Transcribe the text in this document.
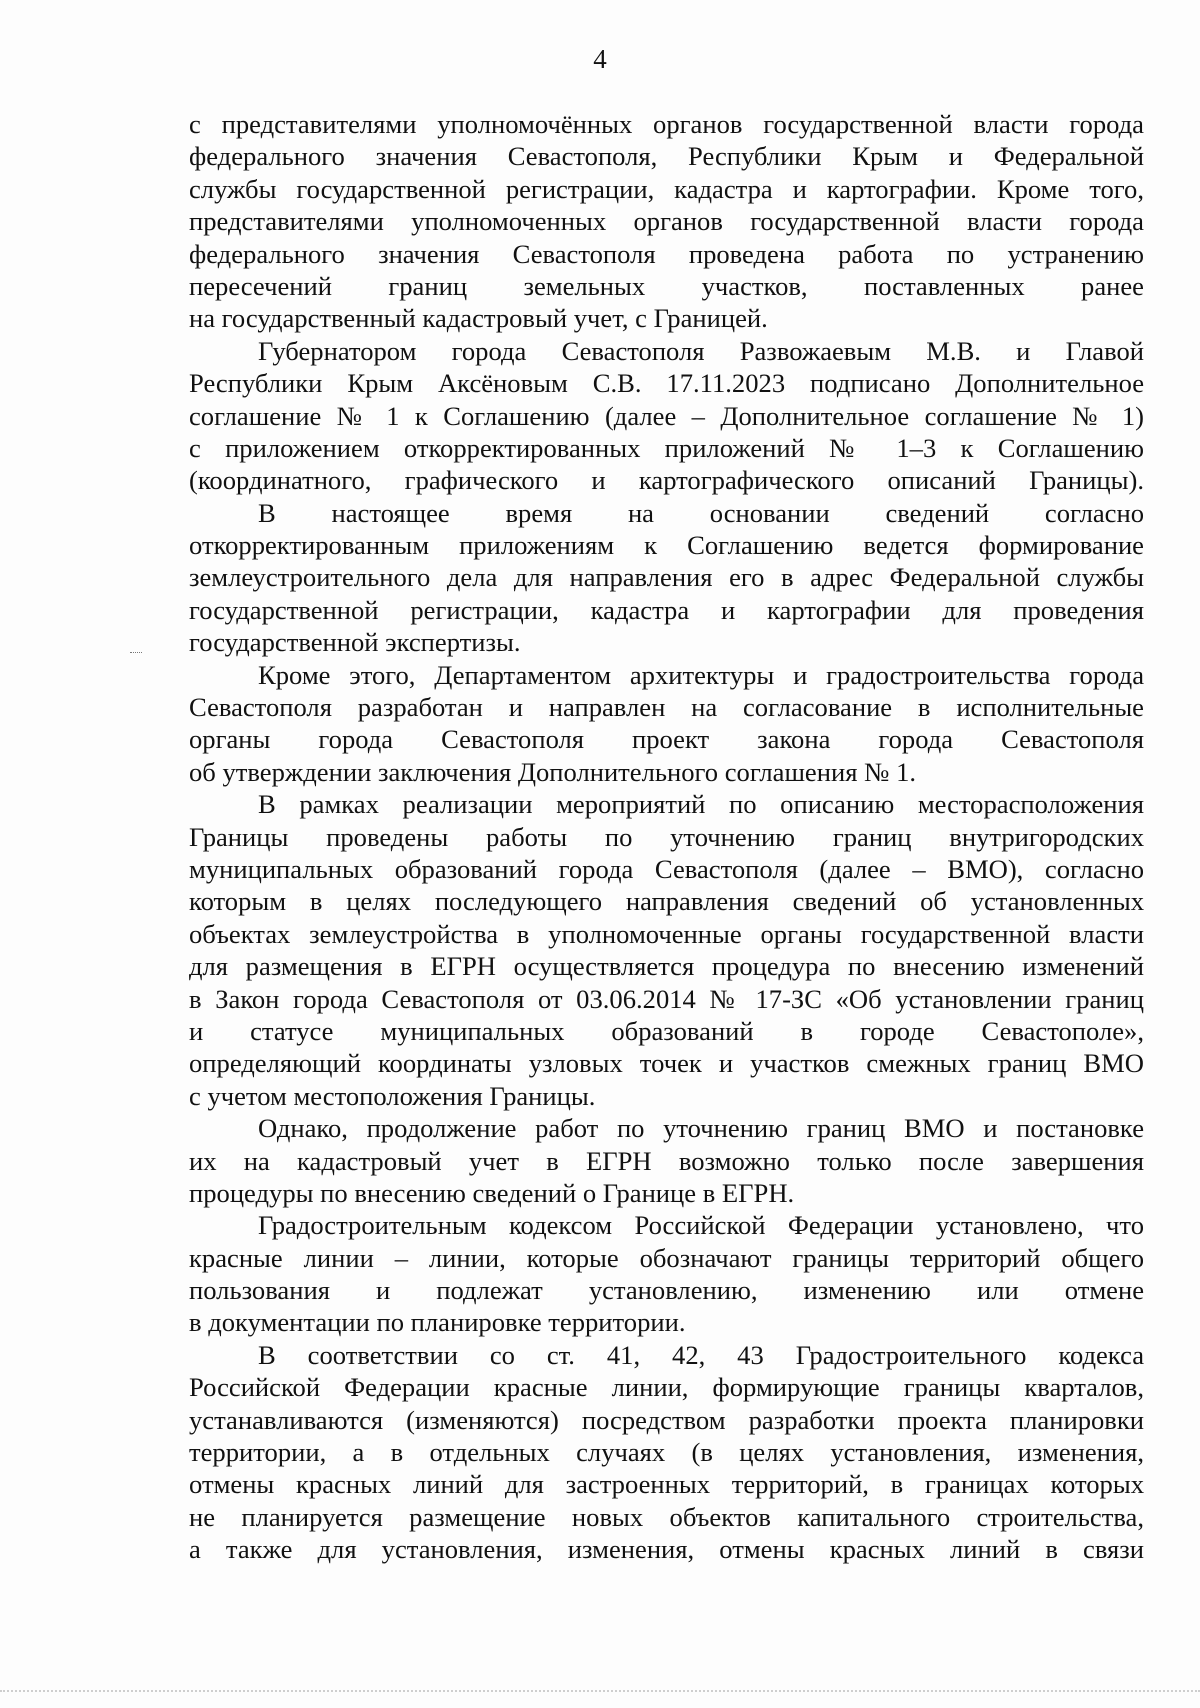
4
с представителями уполномочённых органов государственной власти города
федерального значения Севастополя, Республики Крым и Федеральной
службы государственной регистрации, кадастра и картографии. Кроме того,
представителями уполномоченных органов государственной власти города
федерального значения Севастополя проведена работа по устранению
пересечений границ земельных участков, поставленных ранее
на государственный кадастровый учет, с Границей.
Губернатором города Севастополя Развожаевым М.В. и Главой
Республики Крым Аксёновым С.В. 17.11.2023 подписано Дополнительное
соглашение № 1 к Соглашению (далее – Дополнительное соглашение № 1)
с приложением откорректированных приложений № 1–3 к Соглашению
(координатного, графического и картографического описаний Границы).
В настоящее время на основании сведений согласно
откорректированным приложениям к Соглашению ведется формирование
землеустроительного дела для направления его в адрес Федеральной службы
государственной регистрации, кадастра и картографии для проведения
государственной экспертизы.
Кроме этого, Департаментом архитектуры и градостроительства города
Севастополя разработан и направлен на согласование в исполнительные
органы города Севастополя проект закона города Севастополя
об утверждении заключения Дополнительного соглашения № 1.
В рамках реализации мероприятий по описанию месторасположения
Границы проведены работы по уточнению границ внутригородских
муниципальных образований города Севастополя (далее – ВМО), согласно
которым в целях последующего направления сведений об установленных
объектах землеустройства в уполномоченные органы государственной власти
для размещения в ЕГРН осуществляется процедура по внесению изменений
в Закон города Севастополя от 03.06.2014 № 17-ЗС «Об установлении границ
и статусе муниципальных образований в городе Севастополе»,
определяющий координаты узловых точек и участков смежных границ ВМО
с учетом местоположения Границы.
Однако, продолжение работ по уточнению границ ВМО и постановке
их на кадастровый учет в ЕГРН возможно только после завершения
процедуры по внесению сведений о Границе в ЕГРН.
Градостроительным кодексом Российской Федерации установлено, что
красные линии – линии, которые обозначают границы территорий общего
пользования и подлежат установлению, изменению или отмене
в документации по планировке территории.
В соответствии со ст. 41, 42, 43 Градостроительного кодекса
Российской Федерации красные линии, формирующие границы кварталов,
устанавливаются (изменяются) посредством разработки проекта планировки
территории, а в отдельных случаях (в целях установления, изменения,
отмены красных линий для застроенных территорий, в границах которых
не планируется размещение новых объектов капитального строительства,
а также для установления, изменения, отмены красных линий в связи
